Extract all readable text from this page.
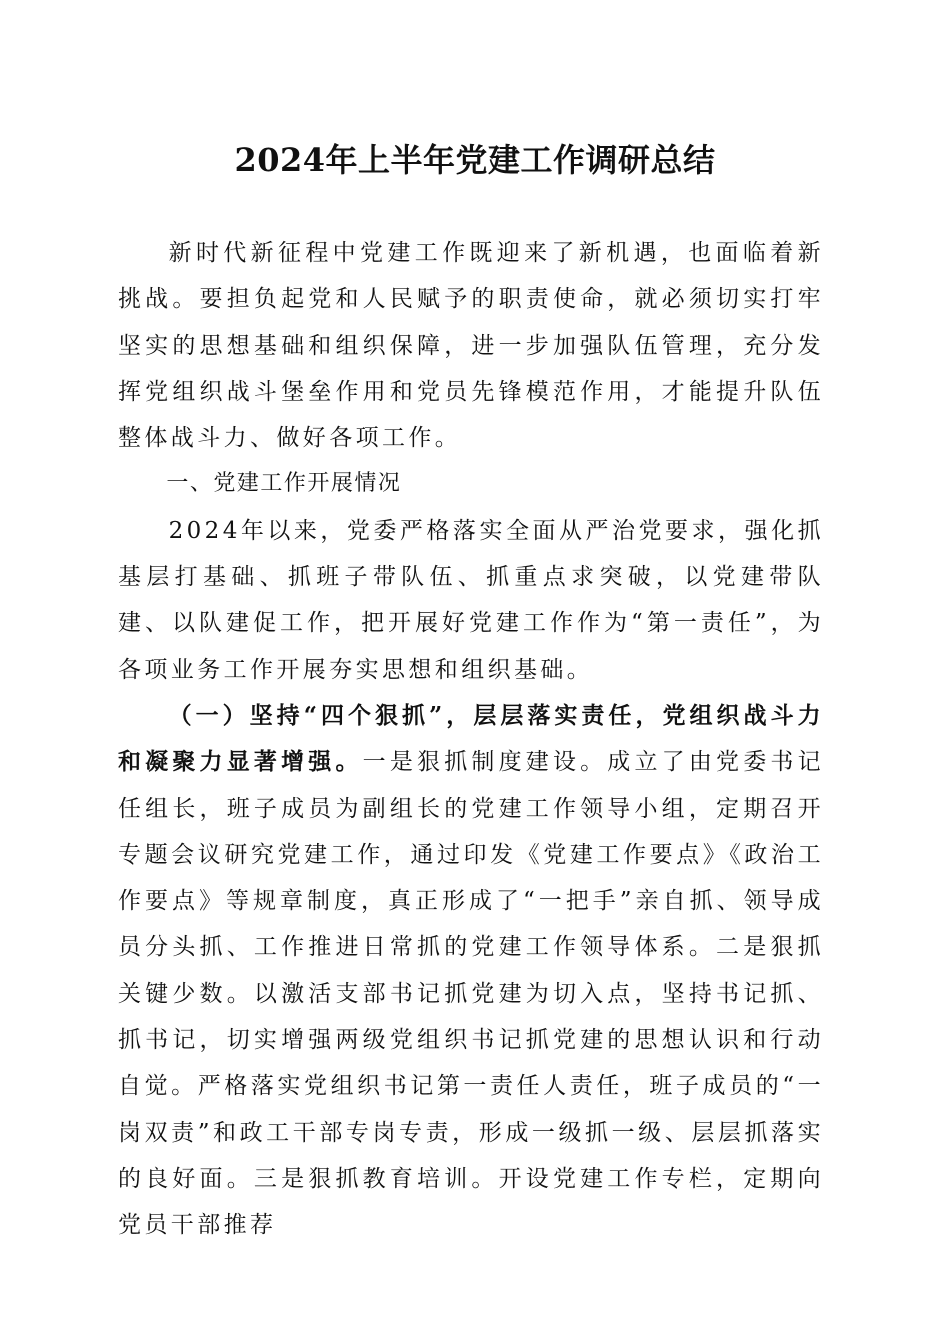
2024年上半年党建工作调研总结

新时代新征程中党建工作既迎来了新机遇，也面临着新挑战。要担负起党和人民赋予的职责使命，就必须切实打牢坚实的思想基础和组织保障，进一步加强队伍管理，充分发挥党组织战斗堡垒作用和党员先锋模范作用，才能提升队伍整体战斗力、做好各项工作。

一、党建工作开展情况

2024年以来，党委严格落实全面从严治党要求，强化抓基层打基础、抓班子带队伍、抓重点求突破，以党建带队建、以队建促工作，把开展好党建工作作为“第一责任”，为各项业务工作开展夯实思想和组织基础。

（一）坚持“四个狠抓”，层层落实责任，党组织战斗力和凝聚力显著增强。一是狠抓制度建设。成立了由党委书记任组长，班子成员为副组长的党建工作领导小组，定期召开专题会议研究党建工作，通过印发《党建工作要点》《政治工作要点》等规章制度，真正形成了“一把手”亲自抓、领导成员分头抓、工作推进日常抓的党建工作领导体系。二是狠抓关键少数。以激活支部书记抓党建为切入点，坚持书记抓、抓书记，切实增强两级党组织书记抓党建的思想认识和行动自觉。严格落实党组织书记第一责任人责任，班子成员的“一岗双责”和政工干部专岗专责，形成一级抓一级、层层抓落实的良好面。三是狠抓教育培训。开设党建工作专栏，定期向党员干部推荐
